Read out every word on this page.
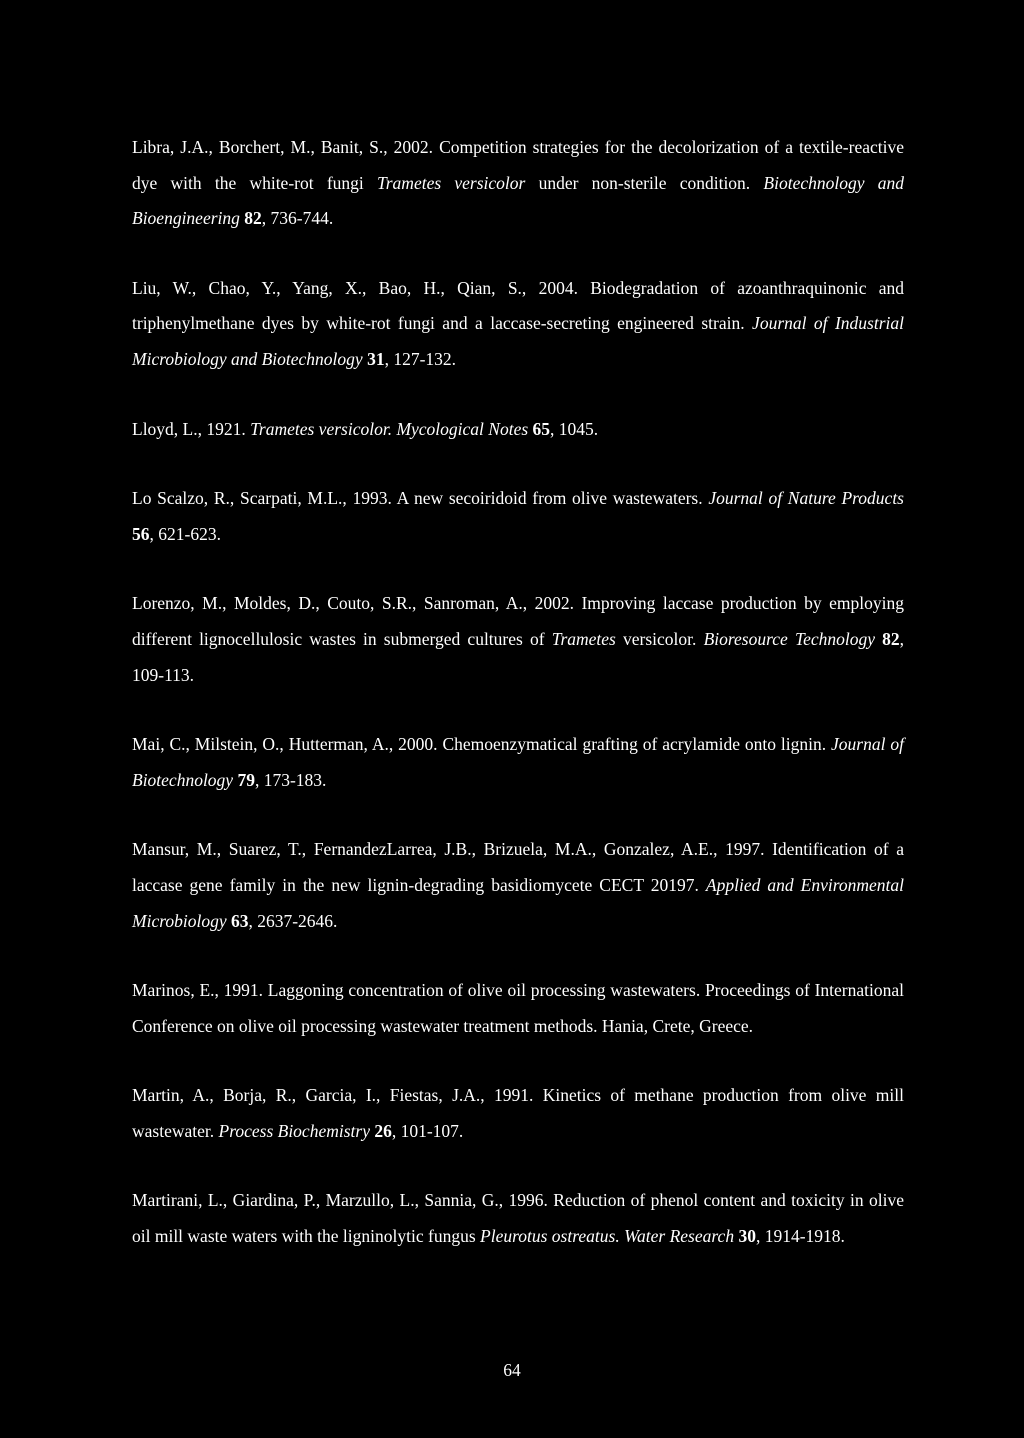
Libra, J.A., Borchert, M., Banit, S., 2002. Competition strategies for the decolorization of a textile-reactive dye with the white-rot fungi Trametes versicolor under non-sterile condition. Biotechnology and Bioengineering 82, 736-744.

Liu, W., Chao, Y., Yang, X., Bao, H., Qian, S., 2004. Biodegradation of azoanthraquinonic and triphenylmethane dyes by white-rot fungi and a laccase-secreting engineered strain. Journal of Industrial Microbiology and Biotechnology 31, 127-132.

Lloyd, L., 1921. Trametes versicolor. Mycological Notes 65, 1045.

Lo Scalzo, R., Scarpati, M.L., 1993. A new secoiridoid from olive wastewaters. Journal of Nature Products 56, 621-623.

Lorenzo, M., Moldes, D., Couto, S.R., Sanroman, A., 2002. Improving laccase production by employing different lignocellulosic wastes in submerged cultures of Trametes versicolor. Bioresource Technology 82, 109-113.

Mai, C., Milstein, O., Hutterman, A., 2000. Chemoenzymatical grafting of acrylamide onto lignin. Journal of Biotechnology 79, 173-183.

Mansur, M., Suarez, T., FernandezLarrea, J.B., Brizuela, M.A., Gonzalez, A.E., 1997. Identification of a laccase gene family in the new lignin-degrading basidiomycete CECT 20197. Applied and Environmental Microbiology 63, 2637-2646.

Marinos, E., 1991. Laggoning concentration of olive oil processing wastewaters. Proceedings of International Conference on olive oil processing wastewater treatment methods. Hania, Crete, Greece.

Martin, A., Borja, R., Garcia, I., Fiestas, J.A., 1991. Kinetics of methane production from olive mill wastewater. Process Biochemistry 26, 101-107.

Martirani, L., Giardina, P., Marzullo, L., Sannia, G., 1996. Reduction of phenol content and toxicity in olive oil mill waste waters with the ligninolytic fungus Pleurotus ostreatus. Water Research 30, 1914-1918.

64
